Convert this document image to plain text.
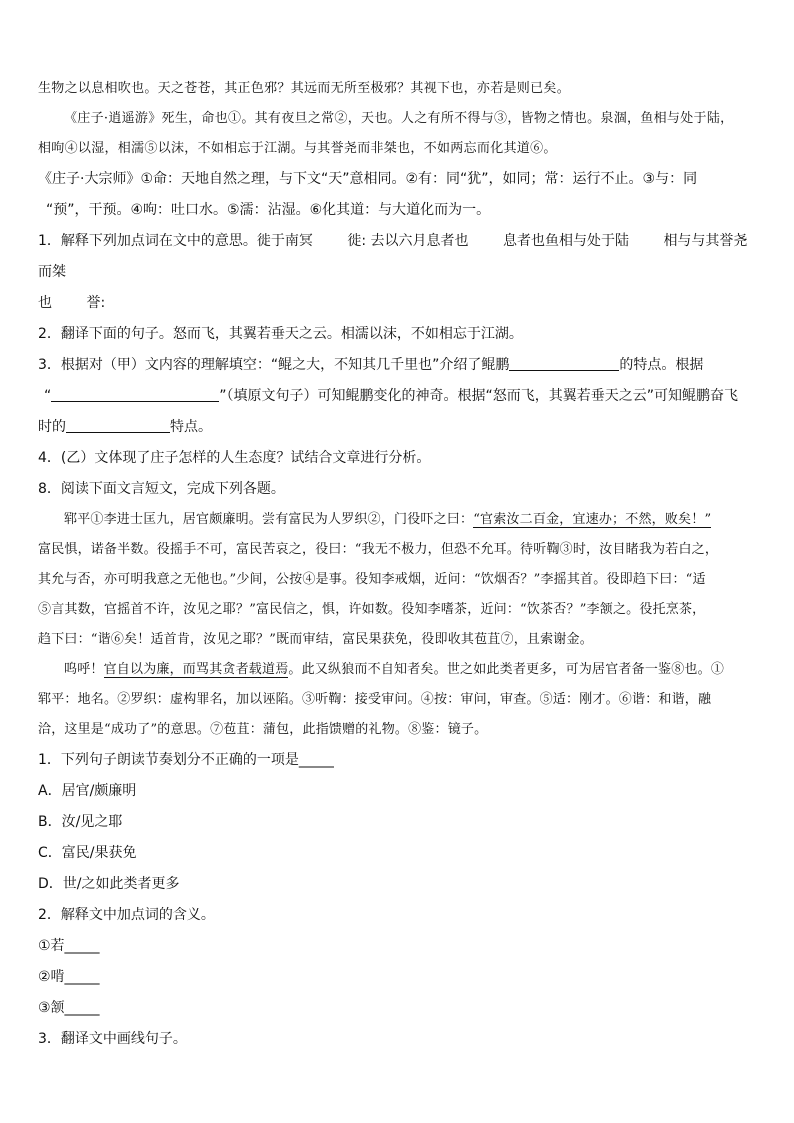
生物之以息相吹也。天之苍苍，其正色邪？其远而无所至极邪？其视下也，亦若是则已矣。

《庄子·逍遥游》死生，命也①。其有夜旦之常②，天也。人之有所不得与③，皆物之情也。泉涸，鱼相与处于陆，

相呴④以湿，相濡⑤以沫，不如相忘于江湖。与其誉尧而非桀也，不如两忘而化其道⑥。

《庄子·大宗师》①命：天地自然之理，与下文“天”意相同。②有：同“犹”，如同；常：运行不止。③与：同

“预”，干预。④呴：吐口水。⑤濡：沾湿。⑥化其道：与大道化而为一。

1．解释下列加点词在文中的意思。徙于南冥 徙: 去以六月息者也 息者也鱼相与处于陆 相与与其誉尧而桀

也 誉:

2．翻译下面的句子。怒而飞，其翼若垂天之云。相濡以沫，不如相忘于江湖。

3．根据对（甲）文内容的理解填空：“鲲之大，不知其几千里也”介绍了鲲鹏	的特点。根据

“	”（填原文句子）可知鲲鹏变化的神奇。根据“怒而飞，其翼若垂天之云”可知鲲鹏奋飞

时的	特点。

4．(乙）文体现了庄子怎样的人生态度？试结合文章进行分析。

8．阅读下面文言短文，完成下列各题。

郓平①李进士匡九，居官颇廉明。尝有富民为人罗织②，门役吓之曰：“官索汝二百金，宜速办；不然，败矣！”

富民惧，诺备半数。役摇手不可，富民苦哀之，役曰：“我无不极力，但恐不允耳。待听鞫③时，汝目睹我为若白之，

其允与否，亦可明我意之无他也。”少间，公按④是事。役知李戒烟，近问：“饮烟否？”李摇其首。役即趋下曰：“适

⑤言其数，官摇首不许，汝见之耶？”富民信之，惧，许如数。役知李嗜茶，近问：“饮茶否？”李颔之。役托烹茶，

趋下曰：“谐⑥矣！适首肯，汝见之耶？”既而审结，富民果获免，役即收其苞苴⑦，且索谢金。

呜呼！官自以为廉，而骂其贪者载道焉。此又纵狼而不自知者矣。世之如此类者更多，可为居官者备一鉴⑧也。①

郓平：地名。②罗织：虚构罪名，加以诬陷。③听鞫：接受审问。④按：审问，审查。⑤适：刚才。⑥谐：和谐，融

洽，这里是“成功了”的意思。⑦苞苴：蒲包，此指馈赠的礼物。⑧鉴：镜子。

1．下列句子朗读节奏划分不正确的一项是_____

A．居官/颇廉明

B．汝/见之耶

C．富民/果获免

D．世/之如此类者更多

2．解释文中加点词的含义。

①若_____

②啃_____

③颔_____

3．翻译文中画线句子。
